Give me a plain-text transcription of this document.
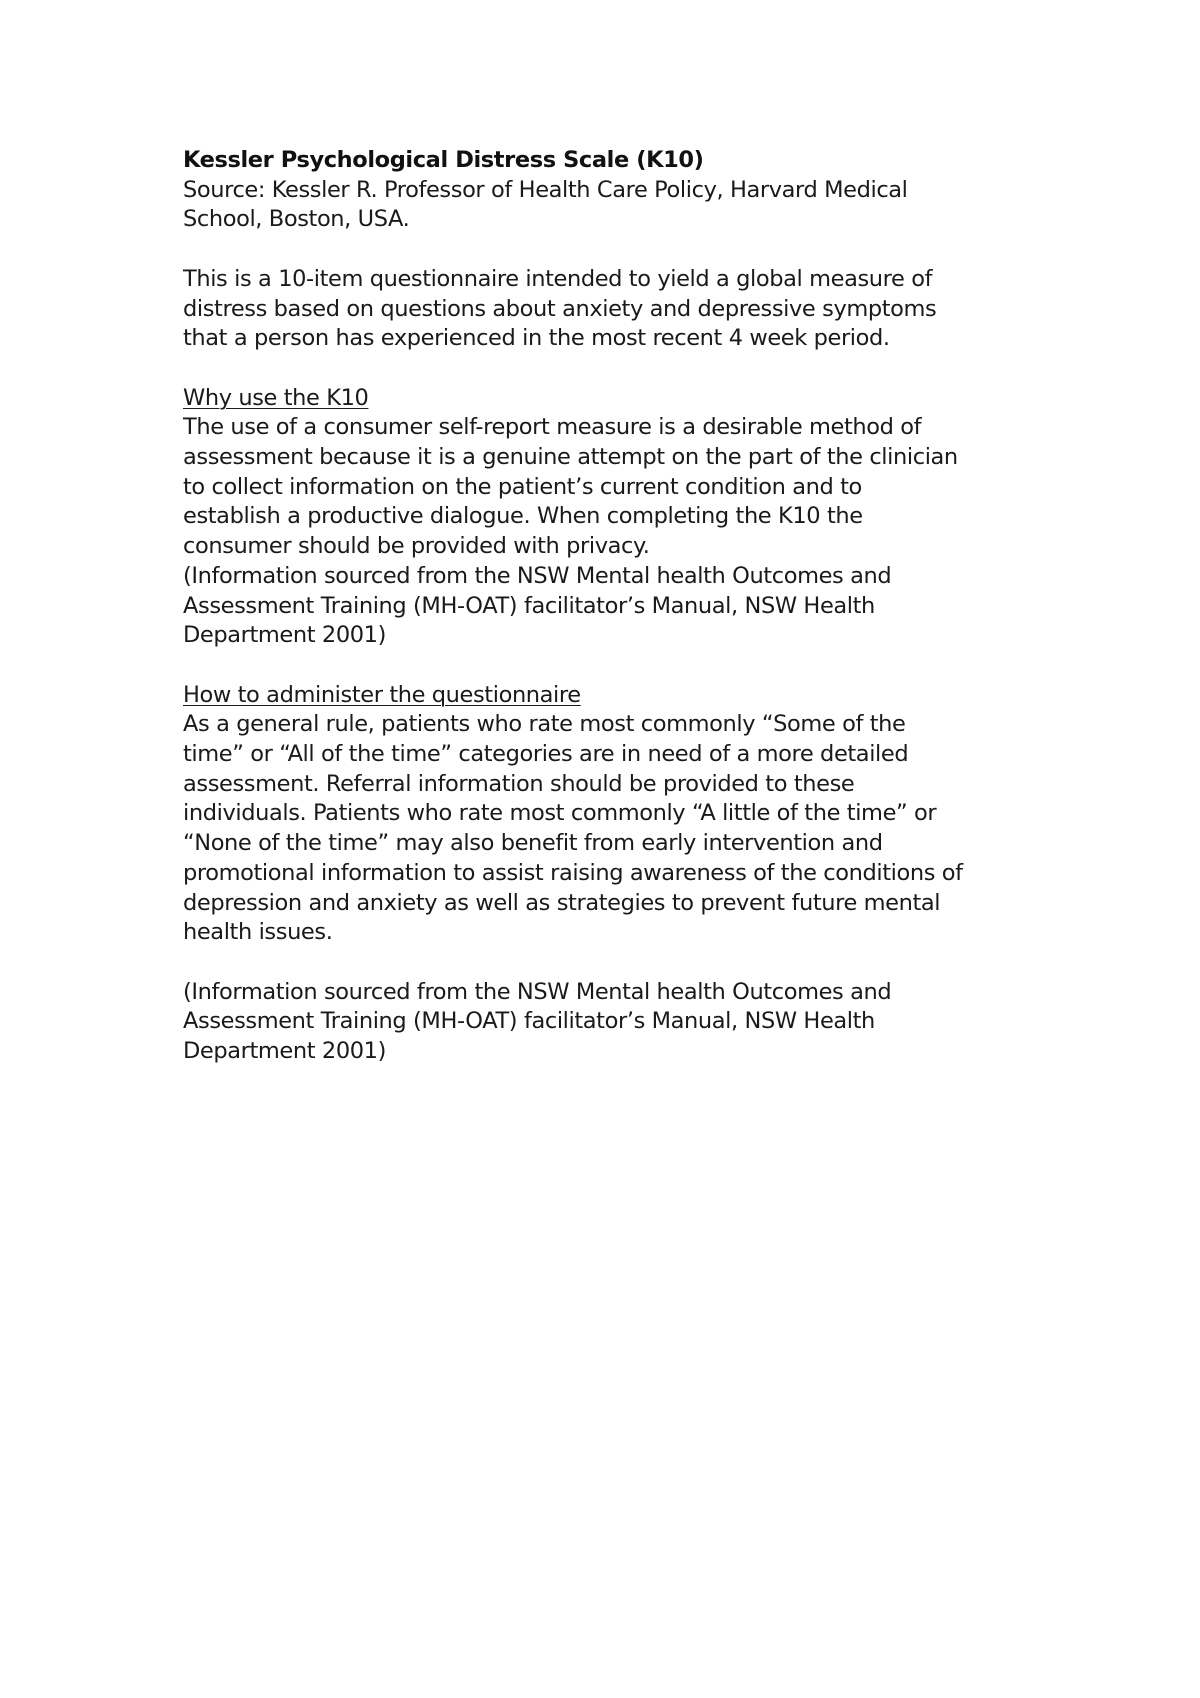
Kessler Psychological Distress Scale (K10)

Source: Kessler R. Professor of Health Care Policy, Harvard Medical
School, Boston, USA.

This is a 10-item questionnaire intended to yield a global measure of
distress based on questions about anxiety and depressive symptoms
that a person has experienced in the most recent 4 week period.

Why use the K10

The use of a consumer self-report measure is a desirable method of
assessment because it is a genuine attempt on the part of the clinician
to collect information on the patient’s current condition and to
establish a productive dialogue. When completing the K10 the
consumer should be provided with privacy.

(Information sourced from the NSW Mental health Outcomes and
Assessment Training (MH-OAT) facilitator’s Manual, NSW Health
Department 2001)

How to administer the questionnaire

As a general rule, patients who rate most commonly “Some of the
time” or “All of the time” categories are in need of a more detailed
assessment. Referral information should be provided to these
individuals. Patients who rate most commonly “A little of the time” or
“None of the time” may also benefit from early intervention and
promotional information to assist raising awareness of the conditions of
depression and anxiety as well as strategies to prevent future mental
health issues.

(Information sourced from the NSW Mental health Outcomes and
Assessment Training (MH-OAT) facilitator’s Manual, NSW Health
Department 2001)
